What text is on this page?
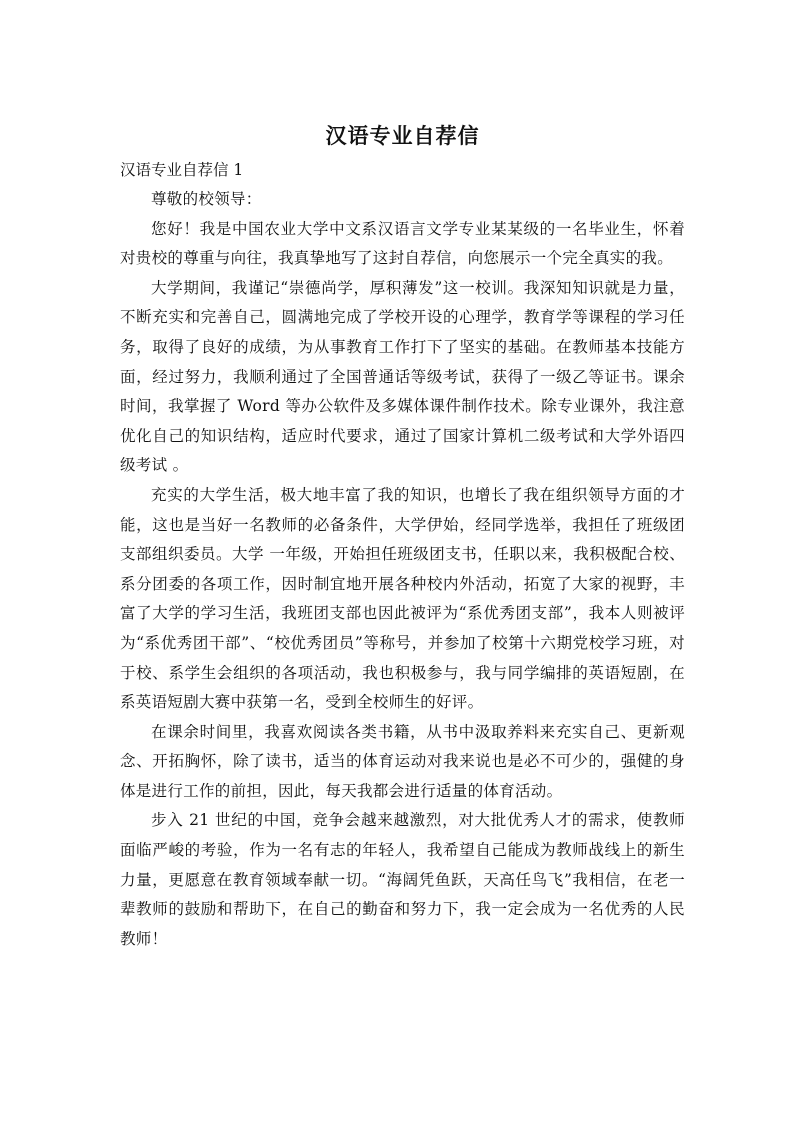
汉语专业自荐信

汉语专业自荐信 1

尊敬的校领导：

您好！我是中国农业大学中文系汉语言文学专业某某级的一名毕业生，怀着对贵校的尊重与向往，我真挚地写了这封自荐信，向您展示一个完全真实的我。

大学期间，我谨记“崇德尚学，厚积薄发”这一校训。我深知知识就是力量，不断充实和完善自己，圆满地完成了学校开设的心理学，教育学等课程的学习任务，取得了良好的成绩，为从事教育工作打下了坚实的基础。在教师基本技能方面，经过努力，我顺利通过了全国普通话等级考试，获得了一级乙等证书。课余时间，我掌握了 Word 等办公软件及多媒体课件制作技术。除专业课外，我注意优化自己的知识结构，适应时代要求，通过了国家计算机二级考试和大学外语四级考试 。

充实的大学生活，极大地丰富了我的知识，也增长了我在组织领导方面的才能，这也是当好一名教师的必备条件，大学伊始，经同学选举，我担任了班级团支部组织委员。大学 一年级，开始担任班级团支书，任职以来，我积极配合校、系分团委的各项工作，因时制宜地开展各种校内外活动，拓宽了大家的视野，丰富了大学的学习生活，我班团支部也因此被评为“系优秀团支部”，我本人则被评为“系优秀团干部”、“校优秀团员”等称号，并参加了校第十六期党校学习班，对于校、系学生会组织的各项活动，我也积极参与，我与同学编排的英语短剧，在系英语短剧大赛中获第一名，受到全校师生的好评。

在课余时间里，我喜欢阅读各类书籍，从书中汲取养料来充实自己、更新观念、开拓胸怀，除了读书，适当的体育运动对我来说也是必不可少的，强健的身体是进行工作的前担，因此，每天我都会进行适量的体育活动。

步入 21 世纪的中国，竞争会越来越激烈，对大批优秀人才的需求，使教师面临严峻的考验，作为一名有志的年轻人，我希望自己能成为教师战线上的新生力量，更愿意在教育领域奉献一切。“海阔凭鱼跃，天高任鸟飞”我相信，在老一辈教师的鼓励和帮助下，在自己的勤奋和努力下，我一定会成为一名优秀的人民教师！
